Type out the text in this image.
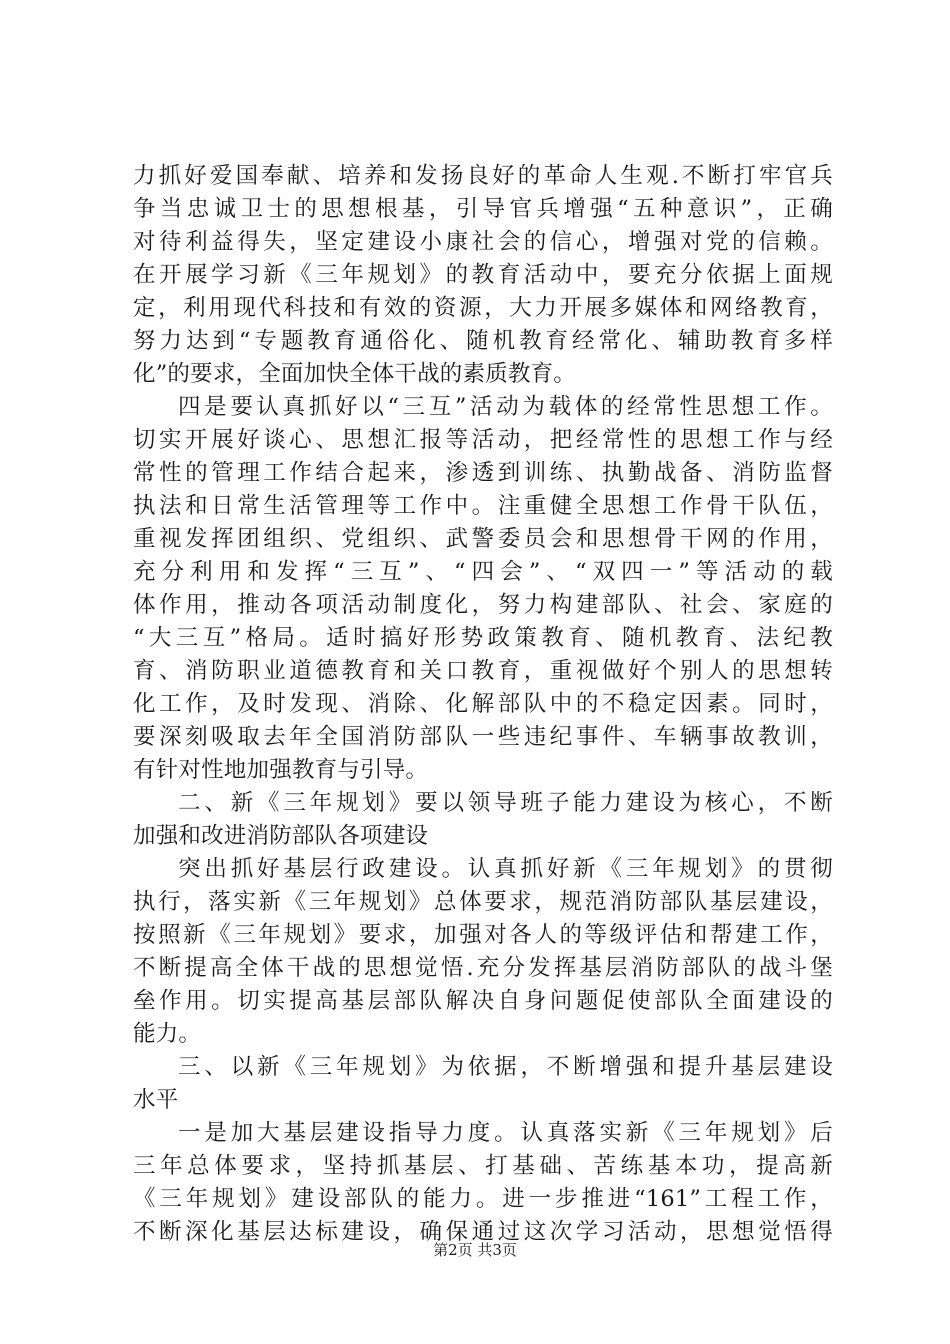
力抓好爱国奉献、培养和发扬良好的革命人生观.不断打牢官兵
争当忠诚卫士的思想根基，引导官兵增强“五种意识”，正确
对待利益得失，坚定建设小康社会的信心，增强对党的信赖。
在开展学习新《三年规划》的教育活动中，要充分依据上面规
定，利用现代科技和有效的资源，大力开展多媒体和网络教育，
努力达到“专题教育通俗化、随机教育经常化、辅助教育多样
化”的要求，全面加快全体干战的素质教育。
四是要认真抓好以“三互”活动为载体的经常性思想工作。
切实开展好谈心、思想汇报等活动，把经常性的思想工作与经
常性的管理工作结合起来，渗透到训练、执勤战备、消防监督
执法和日常生活管理等工作中。注重健全思想工作骨干队伍，
重视发挥团组织、党组织、武警委员会和思想骨干网的作用，
充分利用和发挥“三互”、“四会”、“双四一”等活动的载
体作用，推动各项活动制度化，努力构建部队、社会、家庭的
“大三互”格局。适时搞好形势政策教育、随机教育、法纪教
育、消防职业道德教育和关口教育，重视做好个别人的思想转
化工作，及时发现、消除、化解部队中的不稳定因素。同时，
要深刻吸取去年全国消防部队一些违纪事件、车辆事故教训，
有针对性地加强教育与引导。
二、新《三年规划》要以领导班子能力建设为核心，不断
加强和改进消防部队各项建设
突出抓好基层行政建设。认真抓好新《三年规划》的贯彻
执行，落实新《三年规划》总体要求，规范消防部队基层建设，
按照新《三年规划》要求，加强对各人的等级评估和帮建工作，
不断提高全体干战的思想觉悟.充分发挥基层消防部队的战斗堡
垒作用。切实提高基层部队解决自身问题促使部队全面建设的
能力。
三、以新《三年规划》为依据，不断增强和提升基层建设
水平
一是加大基层建设指导力度。认真落实新《三年规划》后
三年总体要求，坚持抓基层、打基础、苦练基本功，提高新
《三年规划》建设部队的能力。进一步推进“161”工程工作，
不断深化基层达标建设，确保通过这次学习活动，思想觉悟得
第2页 共3页
